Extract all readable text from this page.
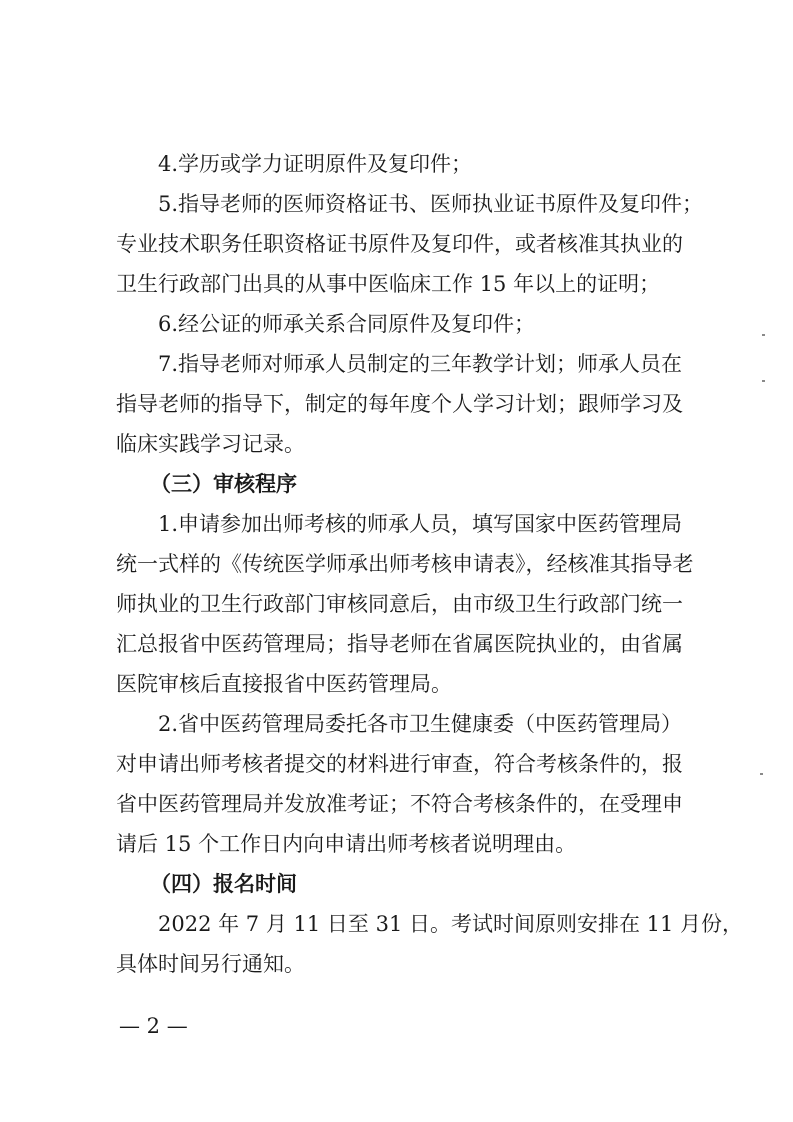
4.学历或学力证明原件及复印件；
5.指导老师的医师资格证书、医师执业证书原件及复印件；
专业技术职务任职资格证书原件及复印件，或者核准其执业的
卫生行政部门出具的从事中医临床工作 15 年以上的证明；
6.经公证的师承关系合同原件及复印件；
7.指导老师对师承人员制定的三年教学计划；师承人员在
指导老师的指导下，制定的每年度个人学习计划；跟师学习及
临床实践学习记录。
（三）审核程序
1.申请参加出师考核的师承人员，填写国家中医药管理局
统一式样的《传统医学师承出师考核申请表》，经核准其指导老
师执业的卫生行政部门审核同意后，由市级卫生行政部门统一
汇总报省中医药管理局；指导老师在省属医院执业的，由省属
医院审核后直接报省中医药管理局。
2.省中医药管理局委托各市卫生健康委（中医药管理局）
对申请出师考核者提交的材料进行审查，符合考核条件的，报
省中医药管理局并发放准考证；不符合考核条件的，在受理申
请后 15 个工作日内向申请出师考核者说明理由。
（四）报名时间
2022 年 7 月 11 日至 31 日。考试时间原则安排在 11 月份，
具体时间另行通知。
— 2 —
